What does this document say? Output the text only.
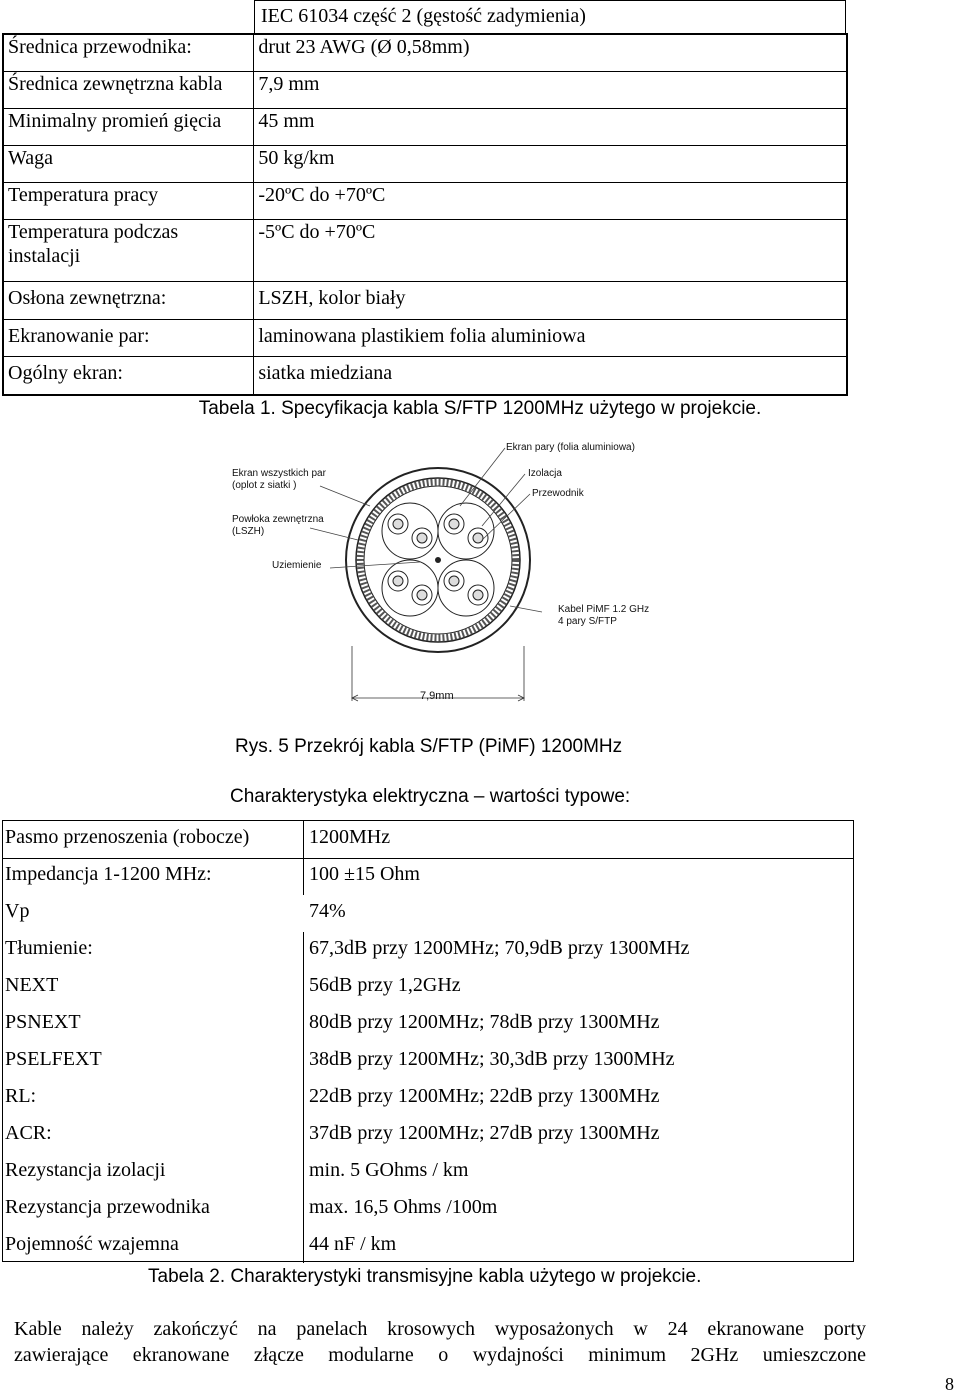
IEC 61034 część 2 (gęstość zadymienia)
Średnica przewodnika:	drut 23 AWG (Ø 0,58mm)
Średnica zewnętrzna kabla	7,9 mm
Minimalny promień gięcia	45 mm
Waga	50 kg/km
Temperatura pracy	-20ºC do +70ºC
Temperatura podczas instalacji	-5ºC do +70ºC
Osłona zewnętrzna:	LSZH, kolor biały
Ekranowanie par:	laminowana plastikiem folia aluminiowa
Ogólny ekran:	siatka miedziana
Tabela 1. Specyfikacja kabla S/FTP 1200MHz użytego w projekcie.
Ekran wszystkich par
(oplot z siatki )
Powłoka zewnętrzna
(LSZH)
Uziemienie
Ekran pary (folia aluminiowa)
Izolacja
Przewodnik
Kabel PiMF 1.2 GHz
4 pary S/FTP
7,9mm
Rys. 5 Przekrój kabla S/FTP (PiMF) 1200MHz
Charakterystyka elektryczna – wartości typowe:
Pasmo przenoszenia (robocze)	1200MHz
Impedancja 1-1200 MHz:	100 ±15 Ohm
Vp	74%
Tłumienie:	67,3dB przy 1200MHz; 70,9dB przy 1300MHz
NEXT	56dB przy 1,2GHz
PSNEXT	80dB przy 1200MHz; 78dB przy 1300MHz
PSELFEXT	38dB przy 1200MHz; 30,3dB przy 1300MHz
RL:	22dB przy 1200MHz; 22dB przy 1300MHz
ACR:	37dB przy 1200MHz; 27dB przy 1300MHz
Rezystancja izolacji	min. 5 GOhms / km
Rezystancja przewodnika	max. 16,5 Ohms /100m
Pojemność wzajemna	44 nF / km
Tabela 2. Charakterystyki transmisyjne kabla użytego w projekcie.
Kable należy zakończyć na panelach krosowych wyposażonych w 24 ekranowane porty
zawierające ekranowane złącze modularne o wydajności minimum 2GHz umieszczone
8
